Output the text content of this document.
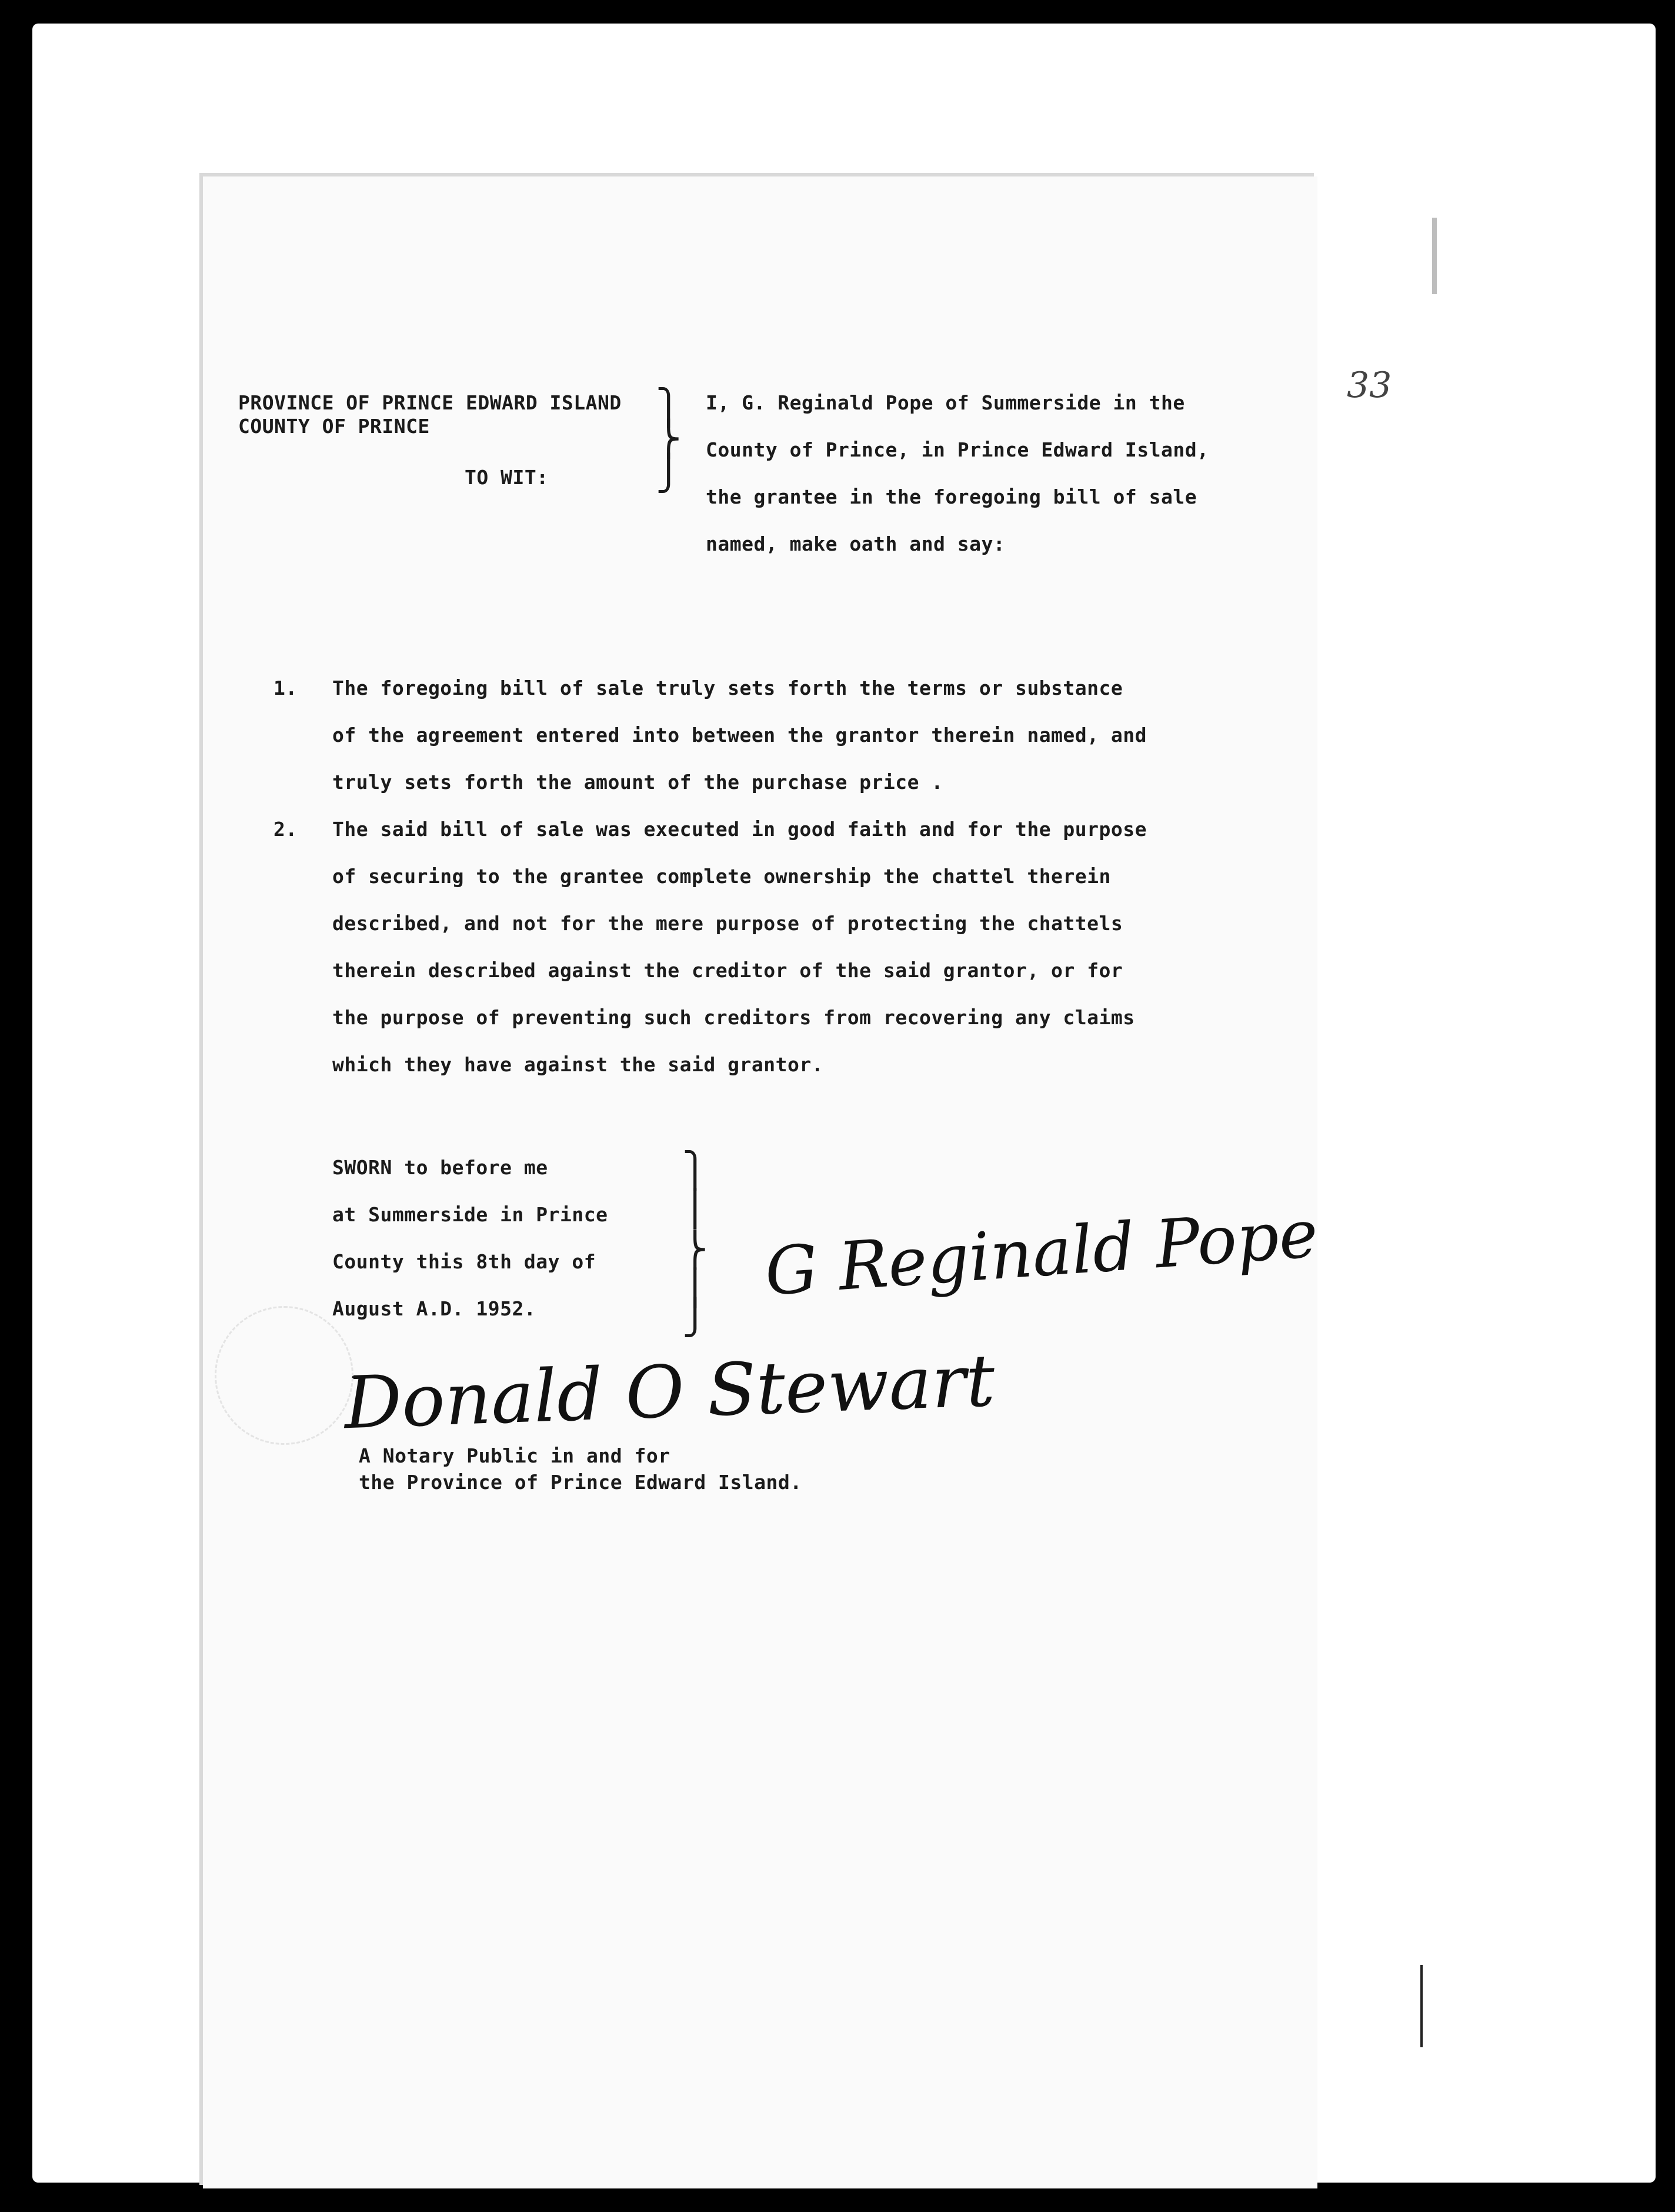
33
PROVINCE OF PRINCE EDWARD ISLAND
COUNTY OF PRINCE
TO WIT:
⎫
⎬
⎭
I, G. Reginald Pope of Summerside in the
County of Prince, in Prince Edward Island,
the grantee in the foregoing bill of sale
named, make oath and say:
1. The foregoing bill of sale truly sets forth the terms or substance
of the agreement entered into between the grantor therein named, and
truly sets forth the amount of the purchase price .
2. The said bill of sale was executed in good faith and for the purpose
of securing to the grantee complete ownership the chattel therein
described, and not for the mere purpose of protecting the chattels
therein described against the creditor of the said grantor, or for
the purpose of preventing such creditors from recovering any claims
which they have against the said grantor.
SWORN to before me
at Summerside in Prince
County this 8th day of
August A.D. 1952.
⎫
⎪
⎬
⎪
⎭
G Reginald Pope
Donald O Stewart
A Notary Public in and for
the Province of Prince Edward Island.
